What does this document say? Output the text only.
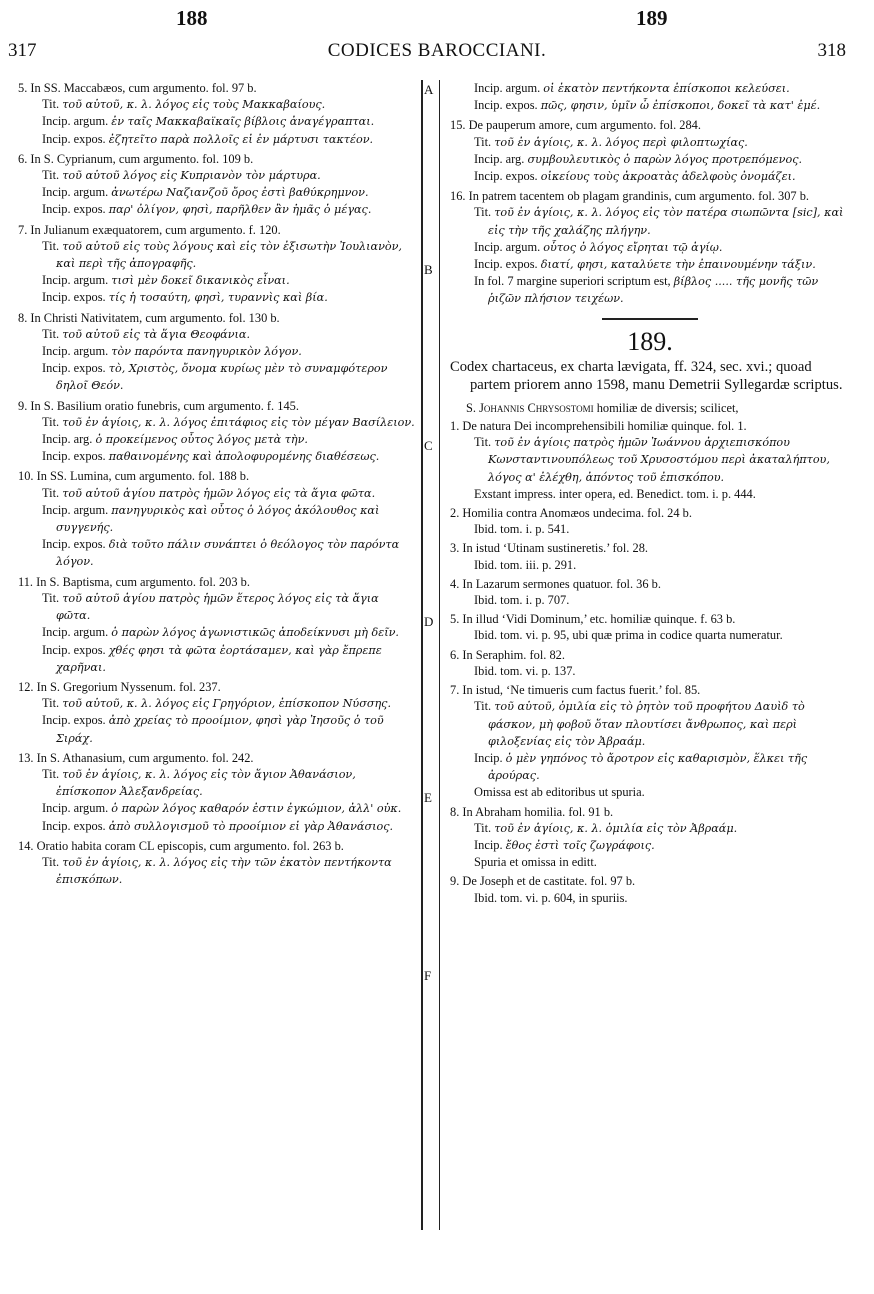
188	189
317	CODICES BAROCCIANI.	318
A
B
C
D
E
F
5. In SS. Maccabæos, cum argumento. fol. 97 b.
Tit. τοῦ αὐτοῦ, κ. λ. λόγος εἰς τοὺς Μακκαβαίους.
Incip. argum. ἐν ταῖς Μακκαβαϊκαῖς βίβλοις ἀναγέγραπται.
Incip. expos. ἐζητεῖτο παρὰ πολλοῖς εἰ ἐν μάρτυσι τακτέον.
6. In S. Cyprianum, cum argumento. fol. 109 b.
Tit. τοῦ αὐτοῦ λόγος εἰς Κυπριανὸν τὸν μάρτυρα.
Incip. argum. ἀνωτέρω Ναζιανζοῦ ὄρος ἐστὶ βαθύκρημνον.
Incip. expos. παρ' ὀλίγον, φησὶ, παρῆλθεν ἂν ἡμᾶς ὁ μέγας.
7. In Julianum exæquatorem, cum argumento. f. 120.
Tit. τοῦ αὐτοῦ εἰς τοὺς λόγους καὶ εἰς τὸν ἐξισωτὴν Ἰουλιανὸν, καὶ περὶ τῆς ἀπογραφῆς.
Incip. argum. τισὶ μὲν δοκεῖ δικανικὸς εἶναι.
Incip. expos. τίς ἡ τοσαύτη, φησὶ, τυραννὶς καὶ βία.
8. In Christi Nativitatem, cum argumento. fol. 130 b.
Tit. τοῦ αὐτοῦ εἰς τὰ ἅγια Θεοφάνια.
Incip. argum. τὸν παρόντα πανηγυρικὸν λόγον.
Incip. expos. τὸ, Χριστὸς, ὄνομα κυρίως μὲν τὸ συναμφότερον δηλοῖ Θεόν.
9. In S. Basilium oratio funebris, cum argumento. f. 145.
Tit. τοῦ ἐν ἁγίοις, κ. λ. λόγος ἐπιτάφιος εἰς τὸν μέγαν Βασίλειον.
Incip. arg. ὁ προκείμενος οὗτος λόγος μετὰ τὴν.
Incip. expos. παθαινομένης καὶ ἀπολοφυρομένης διαθέσεως.
10. In SS. Lumina, cum argumento. fol. 188 b.
Tit. τοῦ αὐτοῦ ἁγίου πατρὸς ἡμῶν λόγος εἰς τὰ ἅγια φῶτα.
Incip. argum. πανηγυρικὸς καὶ οὗτος ὁ λόγος ἀκόλουθος καὶ συγγενής.
Incip. expos. διὰ τοῦτο πάλιν συνάπτει ὁ θεόλογος τὸν παρόντα λόγον.
11. In S. Baptisma, cum argumento. fol. 203 b.
Tit. τοῦ αὐτοῦ ἁγίου πατρὸς ἡμῶν ἕτερος λόγος εἰς τὰ ἅγια φῶτα.
Incip. argum. ὁ παρὼν λόγος ἀγωνιστικῶς ἀποδείκνυσι μὴ δεῖν.
Incip. expos. χθές φησι τὰ φῶτα ἑορτάσαμεν, καὶ γὰρ ἔπρεπε χαρῆναι.
12. In S. Gregorium Nyssenum. fol. 237.
Tit. τοῦ αὐτοῦ, κ. λ. λόγος εἰς Γρηγόριον, ἐπίσκοπον Νύσσης.
Incip. expos. ἀπὸ χρείας τὸ προοίμιον, φησὶ γὰρ Ἰησοῦς ὁ τοῦ Σιράχ.
13. In S. Athanasium, cum argumento. fol. 242.
Tit. τοῦ ἐν ἁγίοις, κ. λ. λόγος εἰς τὸν ἅγιον Ἀθανάσιον, ἐπίσκοπον Ἀλεξανδρείας.
Incip. argum. ὁ παρὼν λόγος καθαρόν ἐστιν ἐγκώμιον, ἀλλ' οὐκ.
Incip. expos. ἀπὸ συλλογισμοῦ τὸ προοίμιον εἰ γὰρ Ἀθανάσιος.
14. Oratio habita coram CL episcopis, cum argumento. fol. 263 b.
Tit. τοῦ ἐν ἁγίοις, κ. λ. λόγος εἰς τὴν τῶν ἑκατὸν πεντήκοντα ἐπισκόπων.
Incip. argum. οἱ ἑκατὸν πεντήκοντα ἐπίσκοποι κελεύσει.
Incip. expos. πῶς, φησιν, ὑμῖν ὦ ἐπίσκοποι, δοκεῖ τὰ κατ' ἐμέ.
15. De pauperum amore, cum argumento. fol. 284.
Tit. τοῦ ἐν ἁγίοις, κ. λ. λόγος περὶ φιλοπτωχίας.
Incip. arg. συμβουλευτικὸς ὁ παρὼν λόγος προτρεπόμενος.
Incip. expos. οἰκείους τοὺς ἀκροατὰς ἀδελφοὺς ὀνομάζει.
16. In patrem tacentem ob plagam grandinis, cum argumento. fol. 307 b.
Tit. τοῦ ἐν ἁγίοις, κ. λ. λόγος εἰς τὸν πατέρα σιωπῶντα [sic], καὶ εἰς τὴν τῆς χαλάζης πλήγην.
Incip. argum. οὗτος ὁ λόγος εἴρηται τῷ ἁγίῳ.
Incip. expos. διατί, φησι, καταλύετε τὴν ἐπαινουμένην τάξιν.
In fol. 7 margine superiori scriptum est, βίβλος ..... τῆς μονῆς τῶν ῥιζῶν πλήσιον τειχέων.
189.
Codex chartaceus, ex charta lævigata, ff. 324, sec. xvi.; quoad partem priorem anno 1598, manu Demetrii Syllegardæ scriptus.
S. Johannis Chrysostomi homiliæ de diversis; scilicet,
1. De natura Dei incomprehensibili homiliæ quinque. fol. 1.
Tit. τοῦ ἐν ἁγίοις πατρὸς ἡμῶν Ἰωάννου ἀρχιεπισκόπου Κωνσταντινουπόλεως τοῦ Χρυσοστόμου περὶ ἀκαταλήπτου, λόγος α' ἐλέχθη, ἀπόντος τοῦ ἐπισκόπου.
Exstant impress. inter opera, ed. Benedict. tom. i. p. 444.
2. Homilia contra Anomæos undecima. fol. 24 b.
Ibid. tom. i. p. 541.
3. In istud ‘Utinam sustineretis.’ fol. 28.
Ibid. tom. iii. p. 291.
4. In Lazarum sermones quatuor. fol. 36 b.
Ibid. tom. i. p. 707.
5. In illud ‘Vidi Dominum,’ etc. homiliæ quinque. f. 63 b.
Ibid. tom. vi. p. 95, ubi quæ prima in codice quarta numeratur.
6. In Seraphim. fol. 82.
Ibid. tom. vi. p. 137.
7. In istud, ‘Ne timueris cum factus fuerit.’ fol. 85.
Tit. τοῦ αὐτοῦ, ὁμιλία εἰς τὸ ῥητὸν τοῦ προφήτου Δαυὶδ τὸ φάσκον, μὴ φοβοῦ ὅταν πλουτίσει ἄνθρωπος, καὶ περὶ φιλοξενίας εἰς τὸν Ἀβραάμ.
Incip. ὁ μὲν γηπόνος τὸ ἄροτρον εἰς καθαρισμὸν, ἕλκει τῆς ἀρούρας.
Omissa est ab editoribus ut spuria.
8. In Abraham homilia. fol. 91 b.
Tit. τοῦ ἐν ἁγίοις, κ. λ. ὁμιλία εἰς τὸν Ἀβραάμ.
Incip. ἔθος ἐστὶ τοῖς ζωγράφοις.
Spuria et omissa in editt.
9. De Joseph et de castitate. fol. 97 b.
Ibid. tom. vi. p. 604, in spuriis.
